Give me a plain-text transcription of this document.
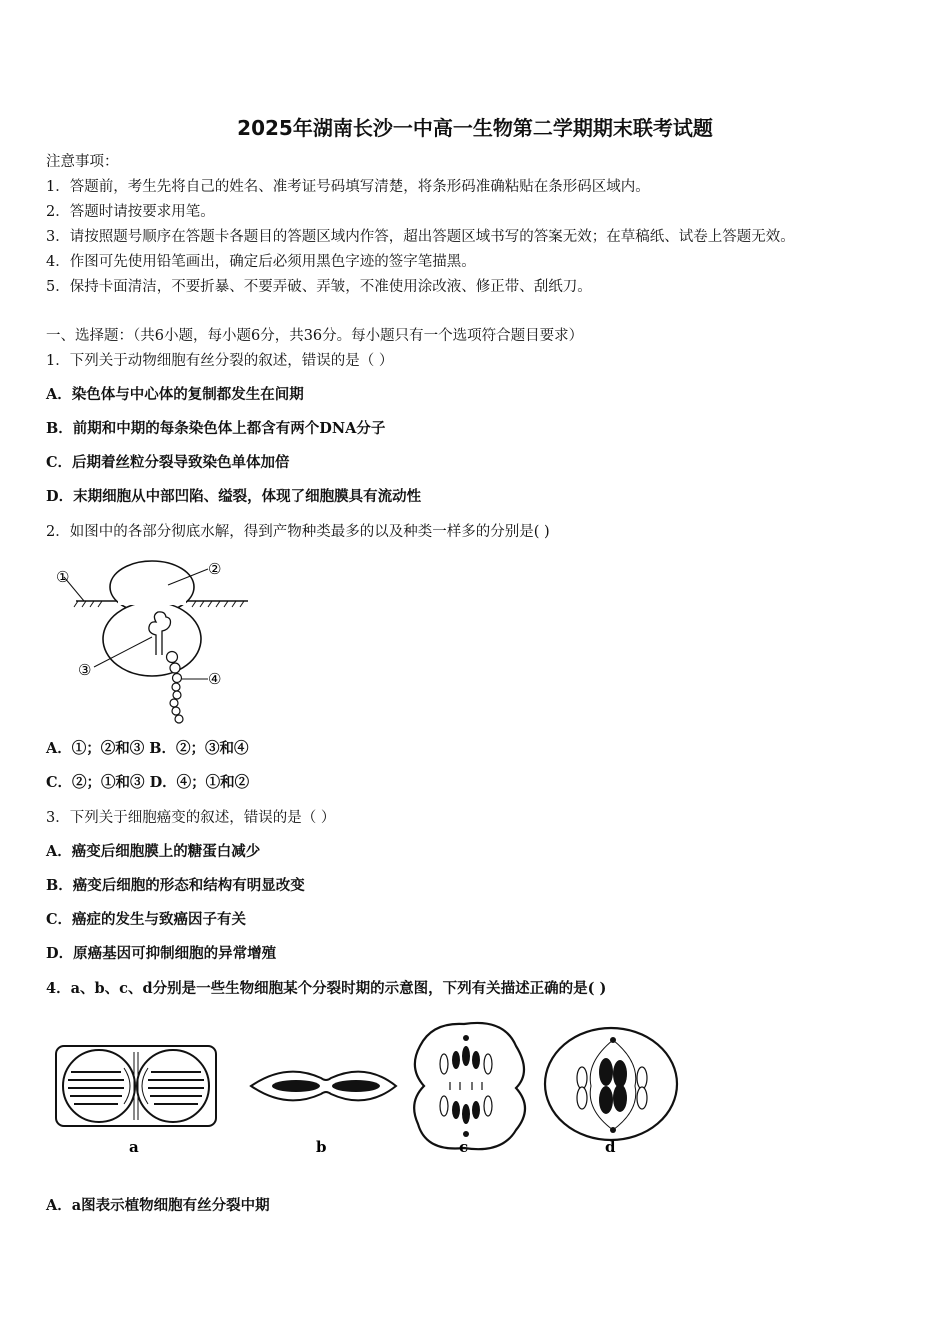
2025年湖南长沙一中高一生物第二学期期末联考试题
注意事项：
1．答题前，考生先将自己的姓名、准考证号码填写清楚，将条形码准确粘贴在条形码区域内。
2．答题时请按要求用笔。
3．请按照题号顺序在答题卡各题目的答题区域内作答，超出答题区域书写的答案无效；在草稿纸、试卷上答题无效。
4．作图可先使用铅笔画出，确定后必须用黑色字迹的签字笔描黑。
5．保持卡面清洁，不要折暴、不要弄破、弄皱，不准使用涂改液、修正带、刮纸刀。
一、选择题：（共6小题，每小题6分，共36分。每小题只有一个选项符合题目要求）
1．下列关于动物细胞有丝分裂的叙述，错误的是（ ）
A．染色体与中心体的复制都发生在间期
B．前期和中期的每条染色体上都含有两个DNA分子
C．后期着丝粒分裂导致染色单体加倍
D．末期细胞从中部凹陷、缢裂，体现了细胞膜具有流动性
2．如图中的各部分彻底水解，得到产物种类最多的以及种类一样多的分别是( )
①	②
③	④
A．①；②和③ B．②；③和④
C．②；①和③ D．④；①和②
3．下列关于细胞癌变的叙述，错误的是（ ）
A．癌变后细胞膜上的糖蛋白减少
B．癌变后细胞的形态和结构有明显改变
C．癌症的发生与致癌因子有关
D．原癌基因可抑制细胞的异常增殖
4．a、b、c、d分别是一些生物细胞某个分裂时期的示意图，下列有关描述正确的是( )
a	b	c	d
A．a图表示植物细胞有丝分裂中期
